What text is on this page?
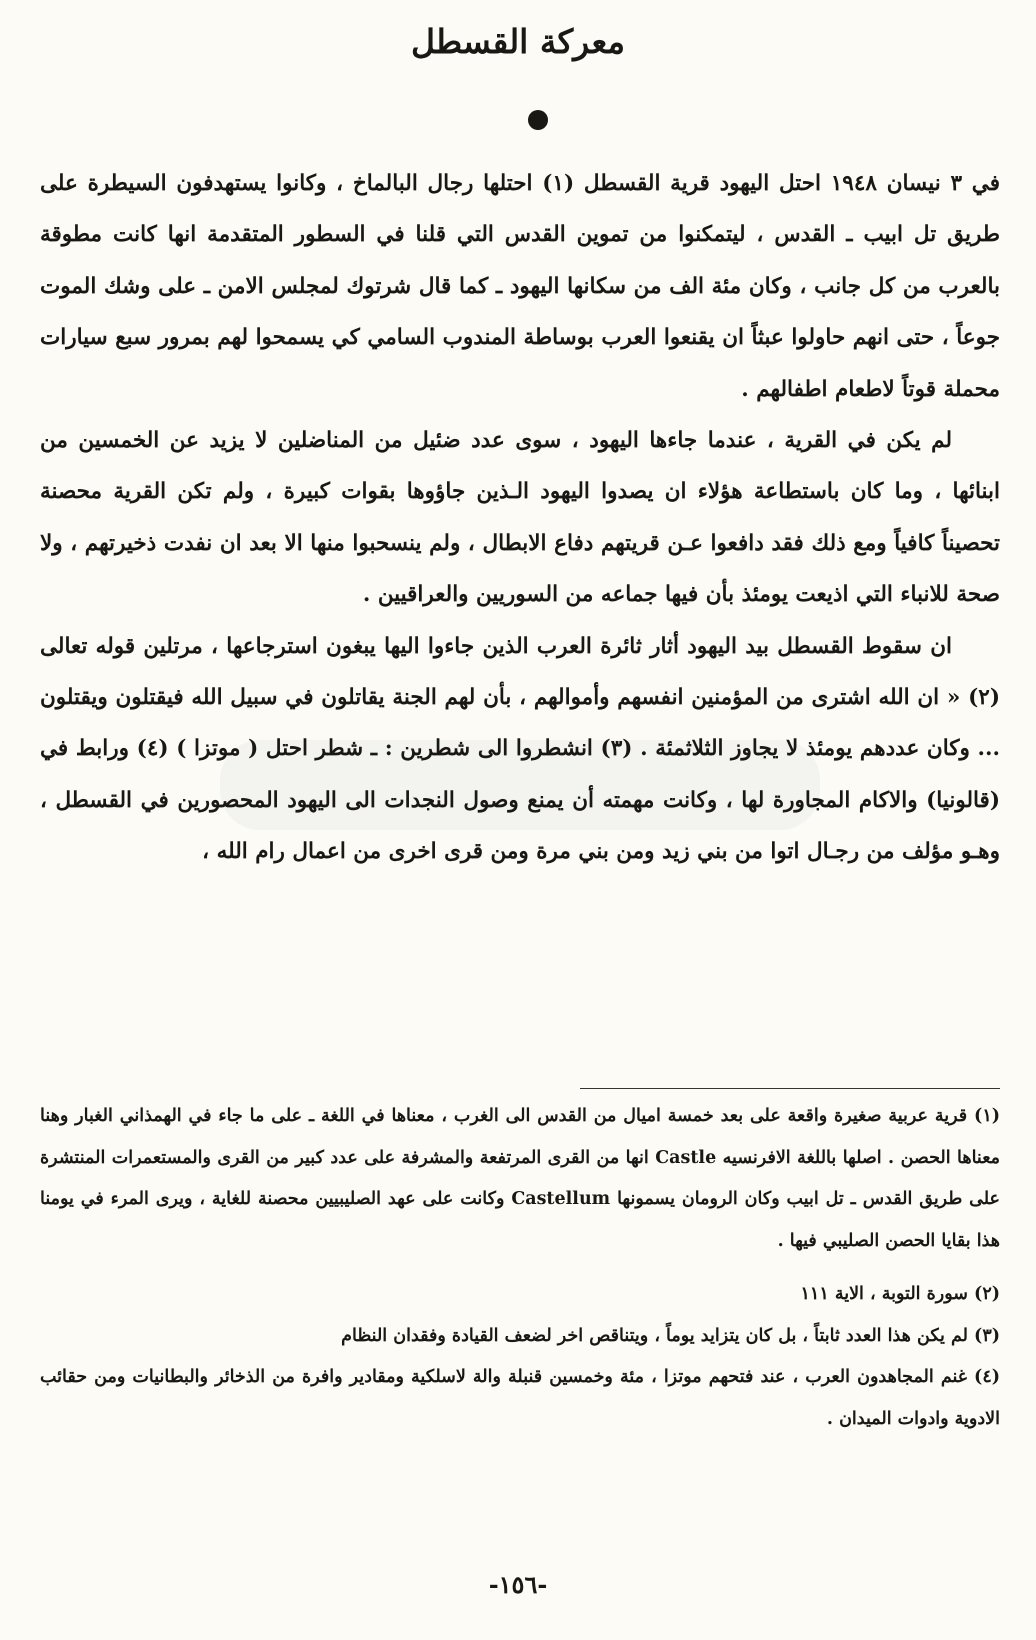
معركة القسطل

في ٣ نيسان ١٩٤٨ احتل اليهود قرية القسطل (١) احتلها رجال البالماخ ، وكانوا يستهدفون السيطرة على طريق تل ابيب ـ القدس ، ليتمكنوا من تموين القدس التي قلنا في السطور المتقدمة انها كانت مطوقة بالعرب من كل جانب ، وكان مئة الف من سكانها اليهود ـ كما قال شرتوك لمجلس الامن ـ على وشك الموت جوعاً ، حتى انهم حاولوا عبثاً ان يقنعوا العرب بوساطة المندوب السامي كي يسمحوا لهم بمرور سبع سيارات محملة قوتاً لاطعام اطفالهم .

لم يكن في القرية ، عندما جاءها اليهود ، سوى عدد ضئيل من المناضلين لا يزيد عن الخمسين من ابنائها ، وما كان باستطاعة هؤلاء ان يصدوا اليهود الـذين جاؤوها بقوات كبيرة ، ولم تكن القرية محصنة تحصيناً كافياً ومع ذلك فقد دافعوا عـن قريتهم دفاع الابطال ، ولم ينسحبوا منها الا بعد ان نفدت ذخيرتهم ، ولا صحة للانباء التي اذيعت يومئذ بأن فيها جماعه من السوريين والعراقيين .

ان سقوط القسطل بيد اليهود أثار ثائرة العرب الذين جاءوا اليها يبغون استرجاعها ، مرتلين قوله تعالى (٢) « ان الله اشترى من المؤمنين انفسهم وأموالهم ، بأن لهم الجنة يقاتلون في سبيل الله فيقتلون ويقتلون ... وكان عددهم يومئذ لا يجاوز الثلاثمئة . (٣) انشطروا الى شطرين : ـ شطر احتل ( موتزا ) (٤) ورابط في (قالونيا) والاكام المجاورة لها ، وكانت مهمته أن يمنع وصول النجدات الى اليهود المحصورين في القسطل ، وهـو مؤلف من رجـال اتوا من بني زيد ومن بني مرة ومن قرى اخرى من اعمال رام الله ،

(١) قرية عربية صغيرة واقعة على بعد خمسة اميال من القدس الى الغرب ، معناها في اللغة ـ على ما جاء في الهمذاني الغبار وهنا معناها الحصن . اصلها باللغة الافرنسيه Castle انها من القرى المرتفعة والمشرفة على عدد كبير من القرى والمستعمرات المنتشرة على طريق القدس ـ تل ابيب وكان الرومان يسمونها Castellum وكانت على عهد الصليبيين محصنة للغاية ، ويرى المرء في يومنا هذا بقايا الحصن الصليبي فيها .

(٢) سورة التوبة ، الاية ١١١

(٣) لم يكن هذا العدد ثابتاً ، بل كان يتزايد يوماً ، ويتناقص اخر لضعف القيادة وفقدان النظام

(٤) غنم المجاهدون العرب ، عند فتحهم موتزا ، مئة وخمسين قنبلة والة لاسلكية ومقادير وافرة من الذخائر والبطانيات ومن حقائب الادوية وادوات الميدان .

-١٥٦-
